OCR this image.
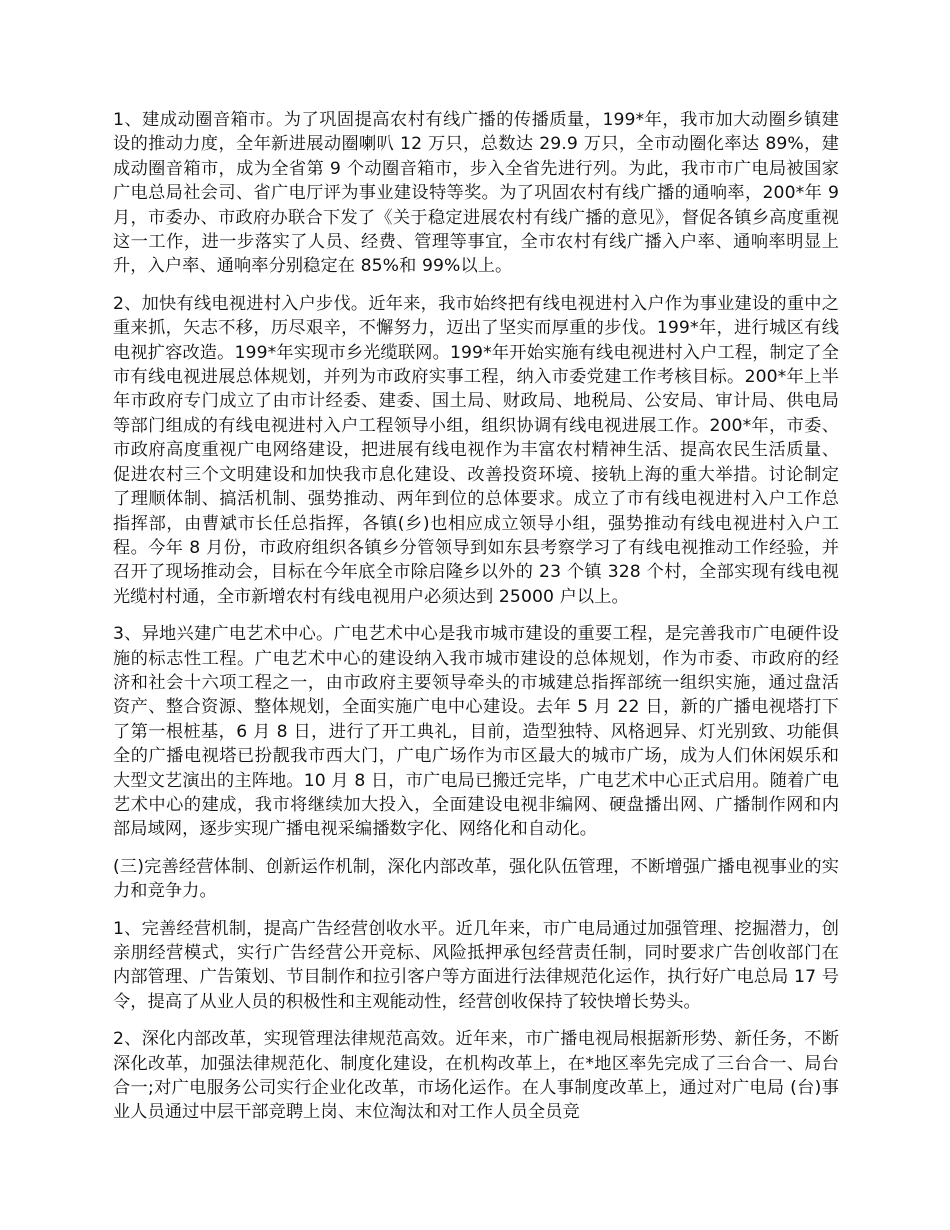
1、建成动圈音箱市。为了巩固提高农村有线广播的传播质量，199*年，我市加大动圈乡镇建设的推动力度，全年新进展动圈喇叭 12 万只，总数达 29.9 万只，全市动圈化率达 89%，建成动圈音箱市，成为全省第 9 个动圈音箱市，步入全省先进行列。为此，我市市广电局被国家广电总局社会司、省广电厅评为事业建设特等奖。为了巩固农村有线广播的通响率，200*年 9 月，市委办、市政府办联合下发了《关于稳定进展农村有线广播的意见》，督促各镇乡高度重视这一工作，进一步落实了人员、经费、管理等事宜，全市农村有线广播入户率、通响率明显上升，入户率、通响率分别稳定在 85%和 99%以上。

2、加快有线电视进村入户步伐。近年来，我市始终把有线电视进村入户作为事业建设的重中之重来抓，矢志不移，历尽艰辛，不懈努力，迈出了坚实而厚重的步伐。199*年，进行城区有线电视扩容改造。199*年实现市乡光缆联网。199*年开始实施有线电视进村入户工程，制定了全市有线电视进展总体规划，并列为市政府实事工程，纳入市委党建工作考核目标。200*年上半年市政府专门成立了由市计经委、建委、国土局、财政局、地税局、公安局、审计局、供电局等部门组成的有线电视进村入户工程领导小组，组织协调有线电视进展工作。200*年，市委、市政府高度重视广电网络建设，把进展有线电视作为丰富农村精神生活、提高农民生活质量、促进农村三个文明建设和加快我市息化建设、改善投资环境、接轨上海的重大举措。讨论制定了理顺体制、搞活机制、强势推动、两年到位的总体要求。成立了市有线电视进村入户工作总指挥部，由曹斌市长任总指挥，各镇(乡)也相应成立领导小组，强势推动有线电视进村入户工程。今年 8 月份，市政府组织各镇乡分管领导到如东县考察学习了有线电视推动工作经验，并召开了现场推动会，目标在今年底全市除启隆乡以外的 23 个镇 328 个村，全部实现有线电视光缆村村通，全市新增农村有线电视用户必须达到 25000 户以上。

3、异地兴建广电艺术中心。广电艺术中心是我市城市建设的重要工程，是完善我市广电硬件设施的标志性工程。广电艺术中心的建设纳入我市城市建设的总体规划，作为市委、市政府的经济和社会十六项工程之一，由市政府主要领导牵头的市城建总指挥部统一组织实施，通过盘活资产、整合资源、整体规划，全面实施广电中心建设。去年 5 月 22 日，新的广播电视塔打下了第一根桩基，6 月 8 日，进行了开工典礼，目前，造型独特、风格迥异、灯光别致、功能俱全的广播电视塔已扮靓我市西大门，广电广场作为市区最大的城市广场，成为人们休闲娱乐和大型文艺演出的主阵地。10 月 8 日，市广电局已搬迁完毕，广电艺术中心正式启用。随着广电艺术中心的建成，我市将继续加大投入，全面建设电视非编网、硬盘播出网、广播制作网和内部局域网，逐步实现广播电视采编播数字化、网络化和自动化。

(三)完善经营体制、创新运作机制，深化内部改革，强化队伍管理，不断增强广播电视事业的实力和竞争力。

1、完善经营机制，提高广告经营创收水平。近几年来，市广电局通过加强管理、挖掘潜力，创亲朋经营模式，实行广告经营公开竞标、风险抵押承包经营责任制，同时要求广告创收部门在内部管理、广告策划、节目制作和拉引客户等方面进行法律规范化运作，执行好广电总局 17 号令，提高了从业人员的积极性和主观能动性，经营创收保持了较快增长势头。

2、深化内部改革，实现管理法律规范高效。近年来，市广播电视局根据新形势、新任务，不断深化改革，加强法律规范化、制度化建设，在机构改革上，在*地区率先完成了三台合一、局台合一;对广电服务公司实行企业化改革，市场化运作。在人事制度改革上，通过对广电局 (台)事业人员通过中层干部竞聘上岗、末位淘汰和对工作人员全员竞
